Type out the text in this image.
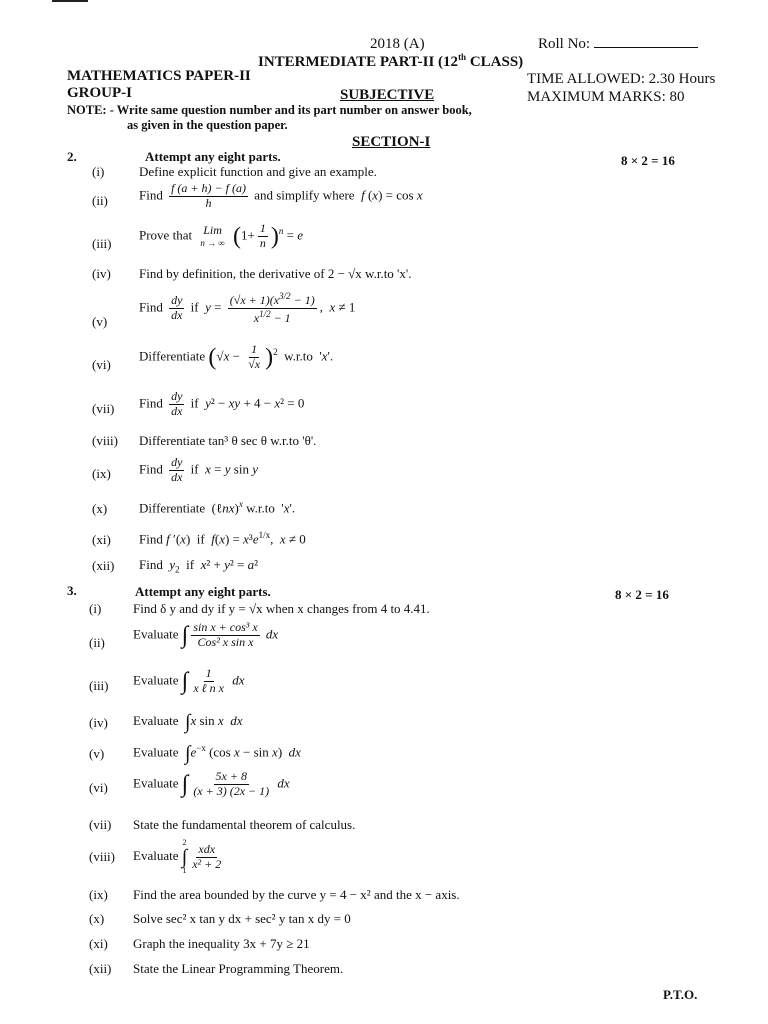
2018 (A)	Roll No:
INTERMEDIATE PART-II (12th CLASS)
MATHEMATICS PAPER-II	TIME ALLOWED: 2.30 Hours
GROUP-I	SUBJECTIVE	MAXIMUM MARKS: 80
NOTE: - Write same question number and its part number on answer book,
as given in the question paper.
SECTION-I
2.	Attempt any eight parts.	8 × 2 = 16
(i)	Define explicit function and give an example.
(ii) Find $\frac{f (a + h) - f (a)}{h}$ and simplify where  f (x) = cos x
(iii)
Prove that Lim
n → ∞ $(1+ \frac{1}{n} )^n = e$
(iv) Find by definition, the derivative of 2 − √x w.r.to 'x'.
(v)
Find $\frac{dy}{dx}$ if  $y = \frac{(√x + 1)(x^{3/2} - 1)}{x^{1/2} - 1}$ ,  x ≠ 1
(vi)
Differentiate $(√x - \frac{1}{√x} )^2$  w.r.to  'x'.
(vii) Find $\frac{dy}{dx}$ if  y² − xy + 4 − x² = 0
(viii) Differentiate tan³ θ sec θ w.r.to 'θ'.
(ix) Find $\frac{dy}{dx}$ if  x = y sin y
(x) Differentiate  (ℓnx)$^x$ w.r.to  'x'.
(xi) Find f ′(x)  if  $f(x) = x^3e^{1/x}$,  x ≠ 0
(xii) Find $y_2$  if  x² + y² = a²
3.	Attempt any eight parts.	8 × 2 = 16
(i) Find δ y and dy if y = √x when x changes from 4 to 4.41.
(ii)
Evaluate ∫ $\frac{\text{sin x + cos³ x}}{\text{Cos² x sin x}}$ dx
(iii) Evaluate ∫ $\frac{1}{\text{x ℓ n x}}$ dx
(iv) Evaluate ∫x sin x dx
(v) Evaluate $\int e^{-x}$ (cos x − sin x)  dx
(vi) Evaluate ∫ $\frac{5x + 8}{(x + 3) (2x - 1)}$ dx
(vii) State the fundamental theorem of calculus.
(viii) Evaluate
2
∫
$1 \frac{\text{xdx}}{\text{x² + 2}}$
(ix) Find the area bounded by the curve y = 4 − x² and the x − axis.
(x) Solve sec² x tan y dx + sec² y tan x dy = 0
(xi) Graph the inequality 3x + 7y ≥ 21
(xii) State the Linear Programming Theorem.
P.T.O.
